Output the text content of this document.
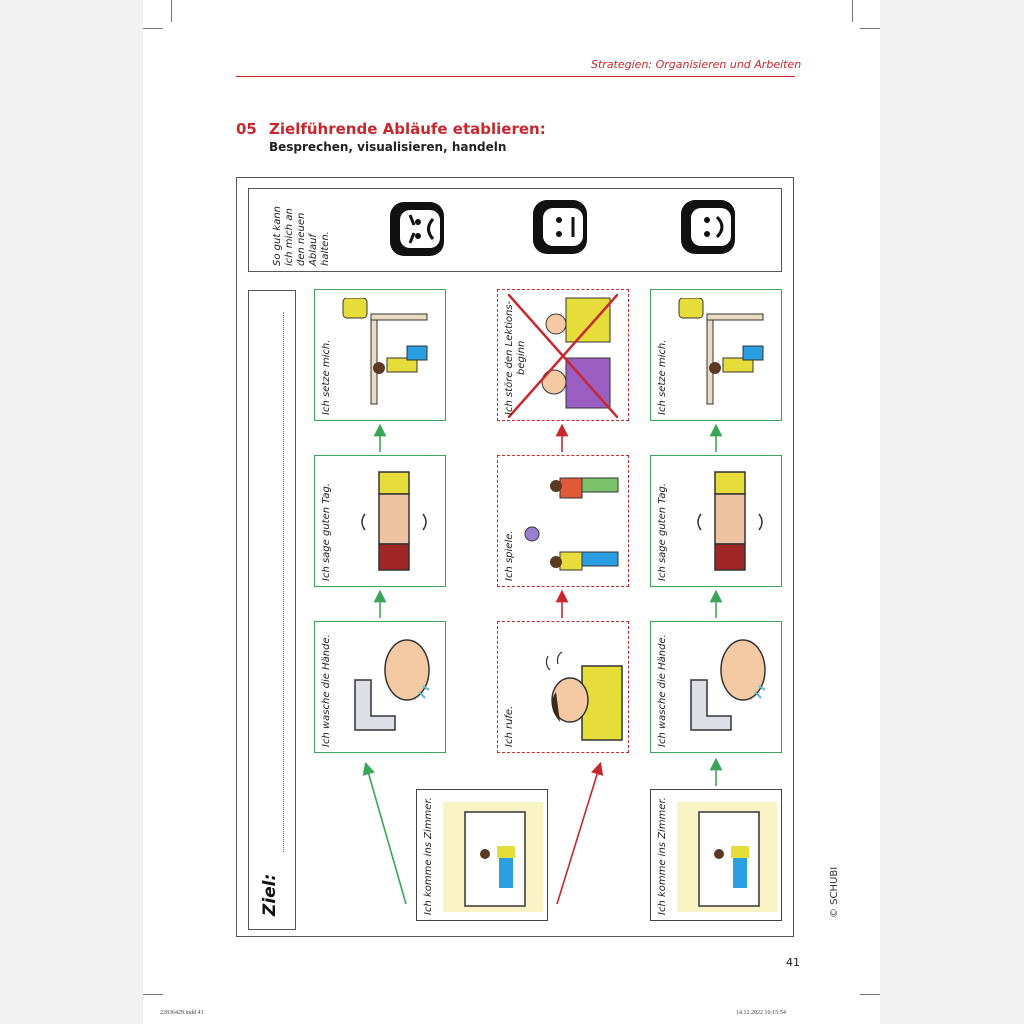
Strategien: Organisieren und Arbeiten
05 Zielführende Abläufe etablieren:
Besprechen, visualisieren, handeln
So gut kann ich mich an den neuen Ablauf halten.
Ziel:	Ich komme ins Zimmer.
Ich wasche die Hände.
Ich sage guten Tag.
Ich setze mich.
Ich rufe.
Ich spiele.
Ich störe den Lektions- beginn
Ich komme ins Zimmer.
Ich wasche die Hände.
Ich sage guten Tag.
Ich setze mich.
© SCHUBI
41
22836429.indd 41	14.12.2022 10:15:54
